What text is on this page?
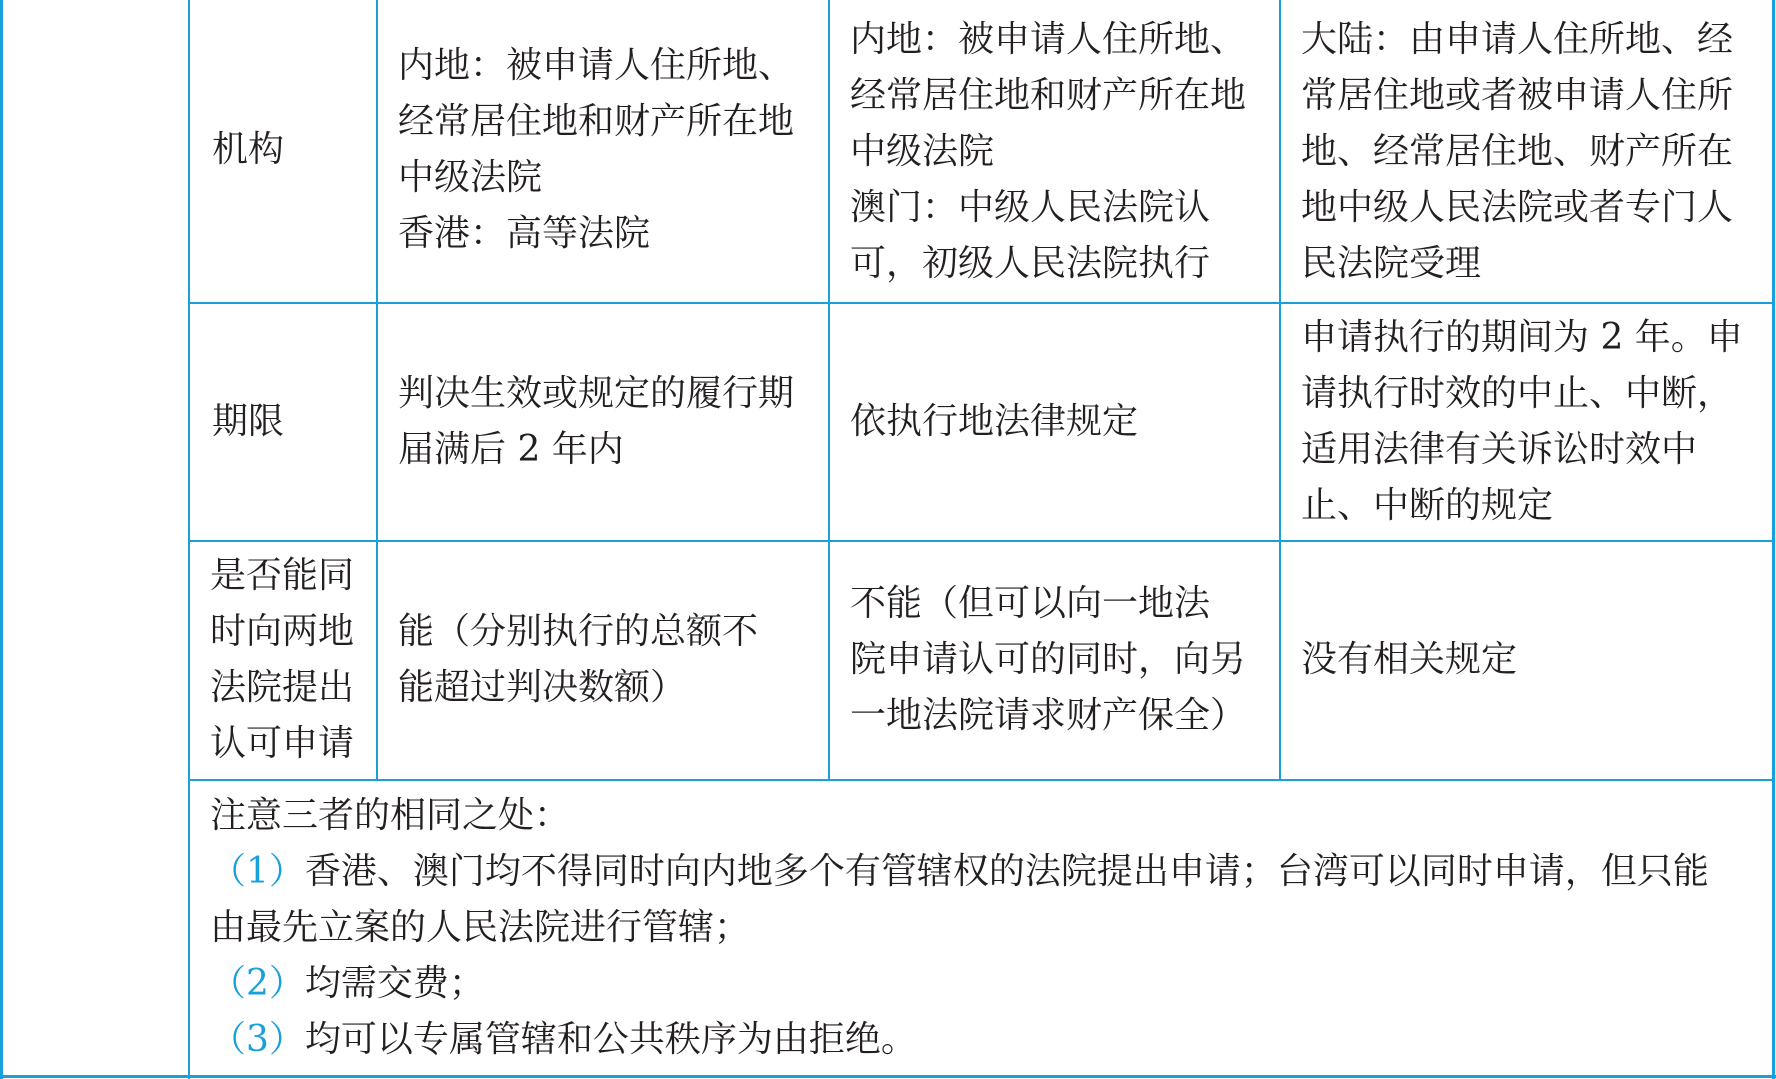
机构
内地：被申请人住所地、
经常居住地和财产所在地
中级法院
香港：高等法院
内地：被申请人住所地、
经常居住地和财产所在地
中级法院
澳门：中级人民法院认
可，初级人民法院执行
大陆：由申请人住所地、经
常居住地或者被申请人住所
地、经常居住地、财产所在
地中级人民法院或者专门人
民法院受理
期限
判决生效或规定的履行期
届满后 2 年内
依执行地法律规定
申请执行的期间为 2 年。申
请执行时效的中止、中断，
适用法律有关诉讼时效中
止、中断的规定
是否能同
时向两地
法院提出
认可申请
能（分别执行的总额不
能超过判决数额）
不能（但可以向一地法
院申请认可的同时，向另
一地法院请求财产保全）
没有相关规定
注意三者的相同之处：
（1）香港、澳门均不得同时向内地多个有管辖权的法院提出申请；台湾可以同时申请，但只能
由最先立案的人民法院进行管辖；
（2）均需交费；
（3）均可以专属管辖和公共秩序为由拒绝。
